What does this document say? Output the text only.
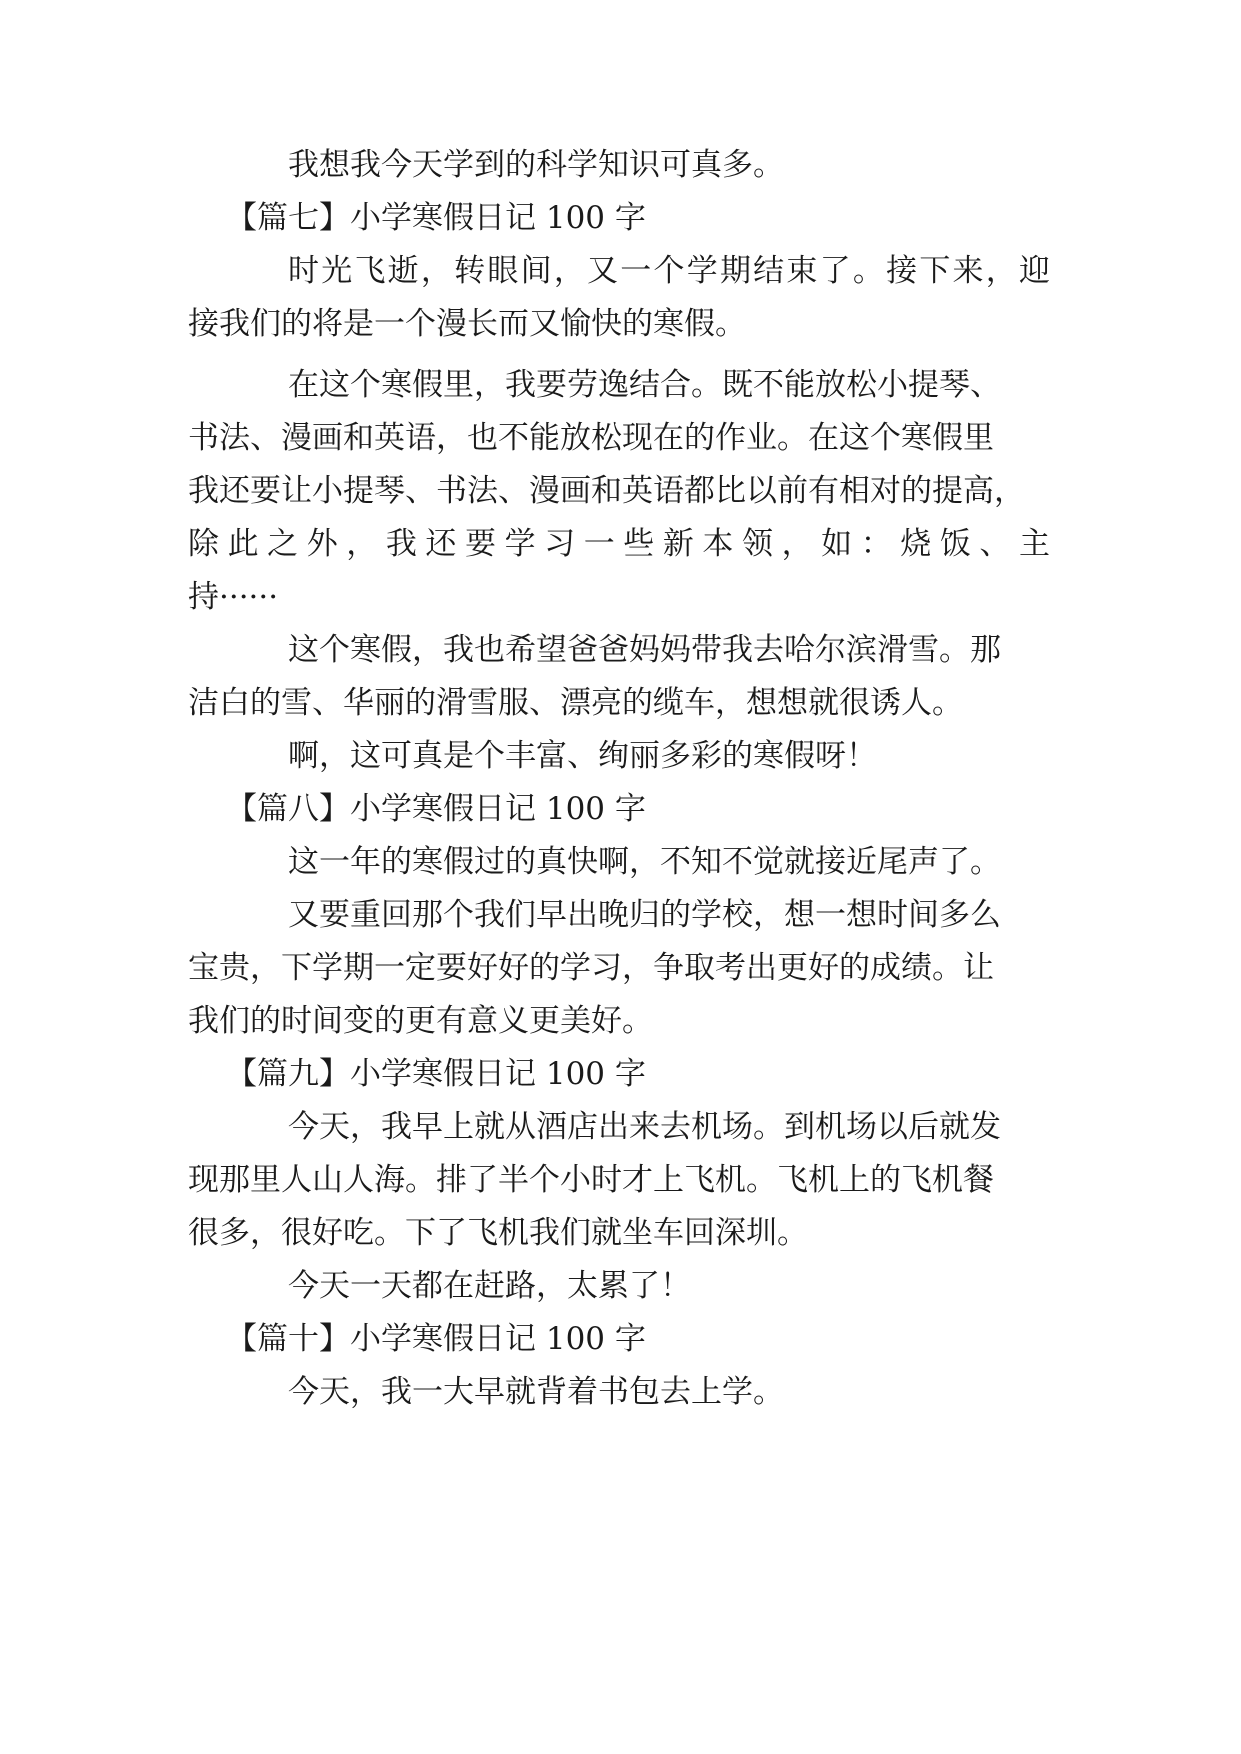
我想我今天学到的科学知识可真多。

【篇七】小学寒假日记 100 字

时光飞逝，转眼间，又一个学期结束了。接下来，迎

接我们的将是一个漫长而又愉快的寒假。

在这个寒假里，我要劳逸结合。既不能放松小提琴、

书法、漫画和英语，也不能放松现在的作业。在这个寒假里

我还要让小提琴、书法、漫画和英语都比以前有相对的提高，

除此之外，我还要学习一些新本领，如：烧饭、主

持······

这个寒假，我也希望爸爸妈妈带我去哈尔滨滑雪。那

洁白的雪、华丽的滑雪服、漂亮的缆车，想想就很诱人。

啊，这可真是个丰富、绚丽多彩的寒假呀！

【篇八】小学寒假日记 100 字

这一年的寒假过的真快啊，不知不觉就接近尾声了。

又要重回那个我们早出晚归的学校，想一想时间多么

宝贵，下学期一定要好好的学习，争取考出更好的成绩。让

我们的时间变的更有意义更美好。

【篇九】小学寒假日记 100 字

今天，我早上就从酒店出来去机场。到机场以后就发

现那里人山人海。排了半个小时才上飞机。飞机上的飞机餐

很多，很好吃。下了飞机我们就坐车回深圳。

今天一天都在赶路，太累了！

【篇十】小学寒假日记 100 字

今天，我一大早就背着书包去上学。
